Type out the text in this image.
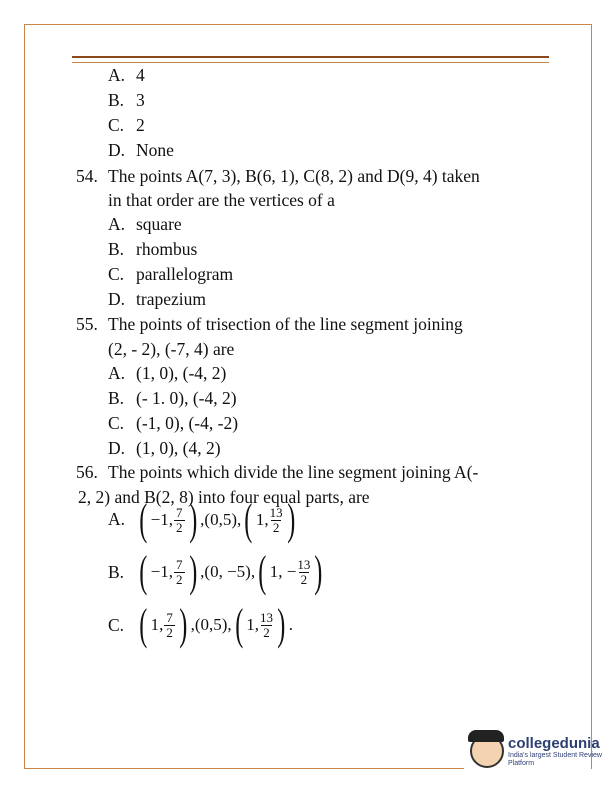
A. 4
B. 3
C. 2
D. None
54. The points A(7, 3), B(6, 1), C(8, 2) and D(9, 4) taken
in that order are the vertices of a
A. square
B. rhombus
C. parallelogram
D. trapezium
55. The points of trisection of the line segment joining
(2, - 2), (-7, 4) are
A. (1, 0), (-4, 2)
B. (- 1. 0), (-4, 2)
C. (-1, 0), (-4, -2)
D. (1, 0), (4, 2)
56. The points which divide the line segment joining A(-
2, 2) and B(2, 8) into four equal parts, are
A. ( −1, $\frac{7}{2}$ ) ,(0,5), ( 1, $\frac{13}{2}$ )
B. ( −1, $\frac{7}{2}$ ) ,(0, −5), ( 1, − $\frac{13}{2}$ )
C. ( 1, $\frac{7}{2}$ ) ,(0,5), ( 1, $\frac{13}{2}$ ) .
collegedunia
India's largest Student Review Platform
